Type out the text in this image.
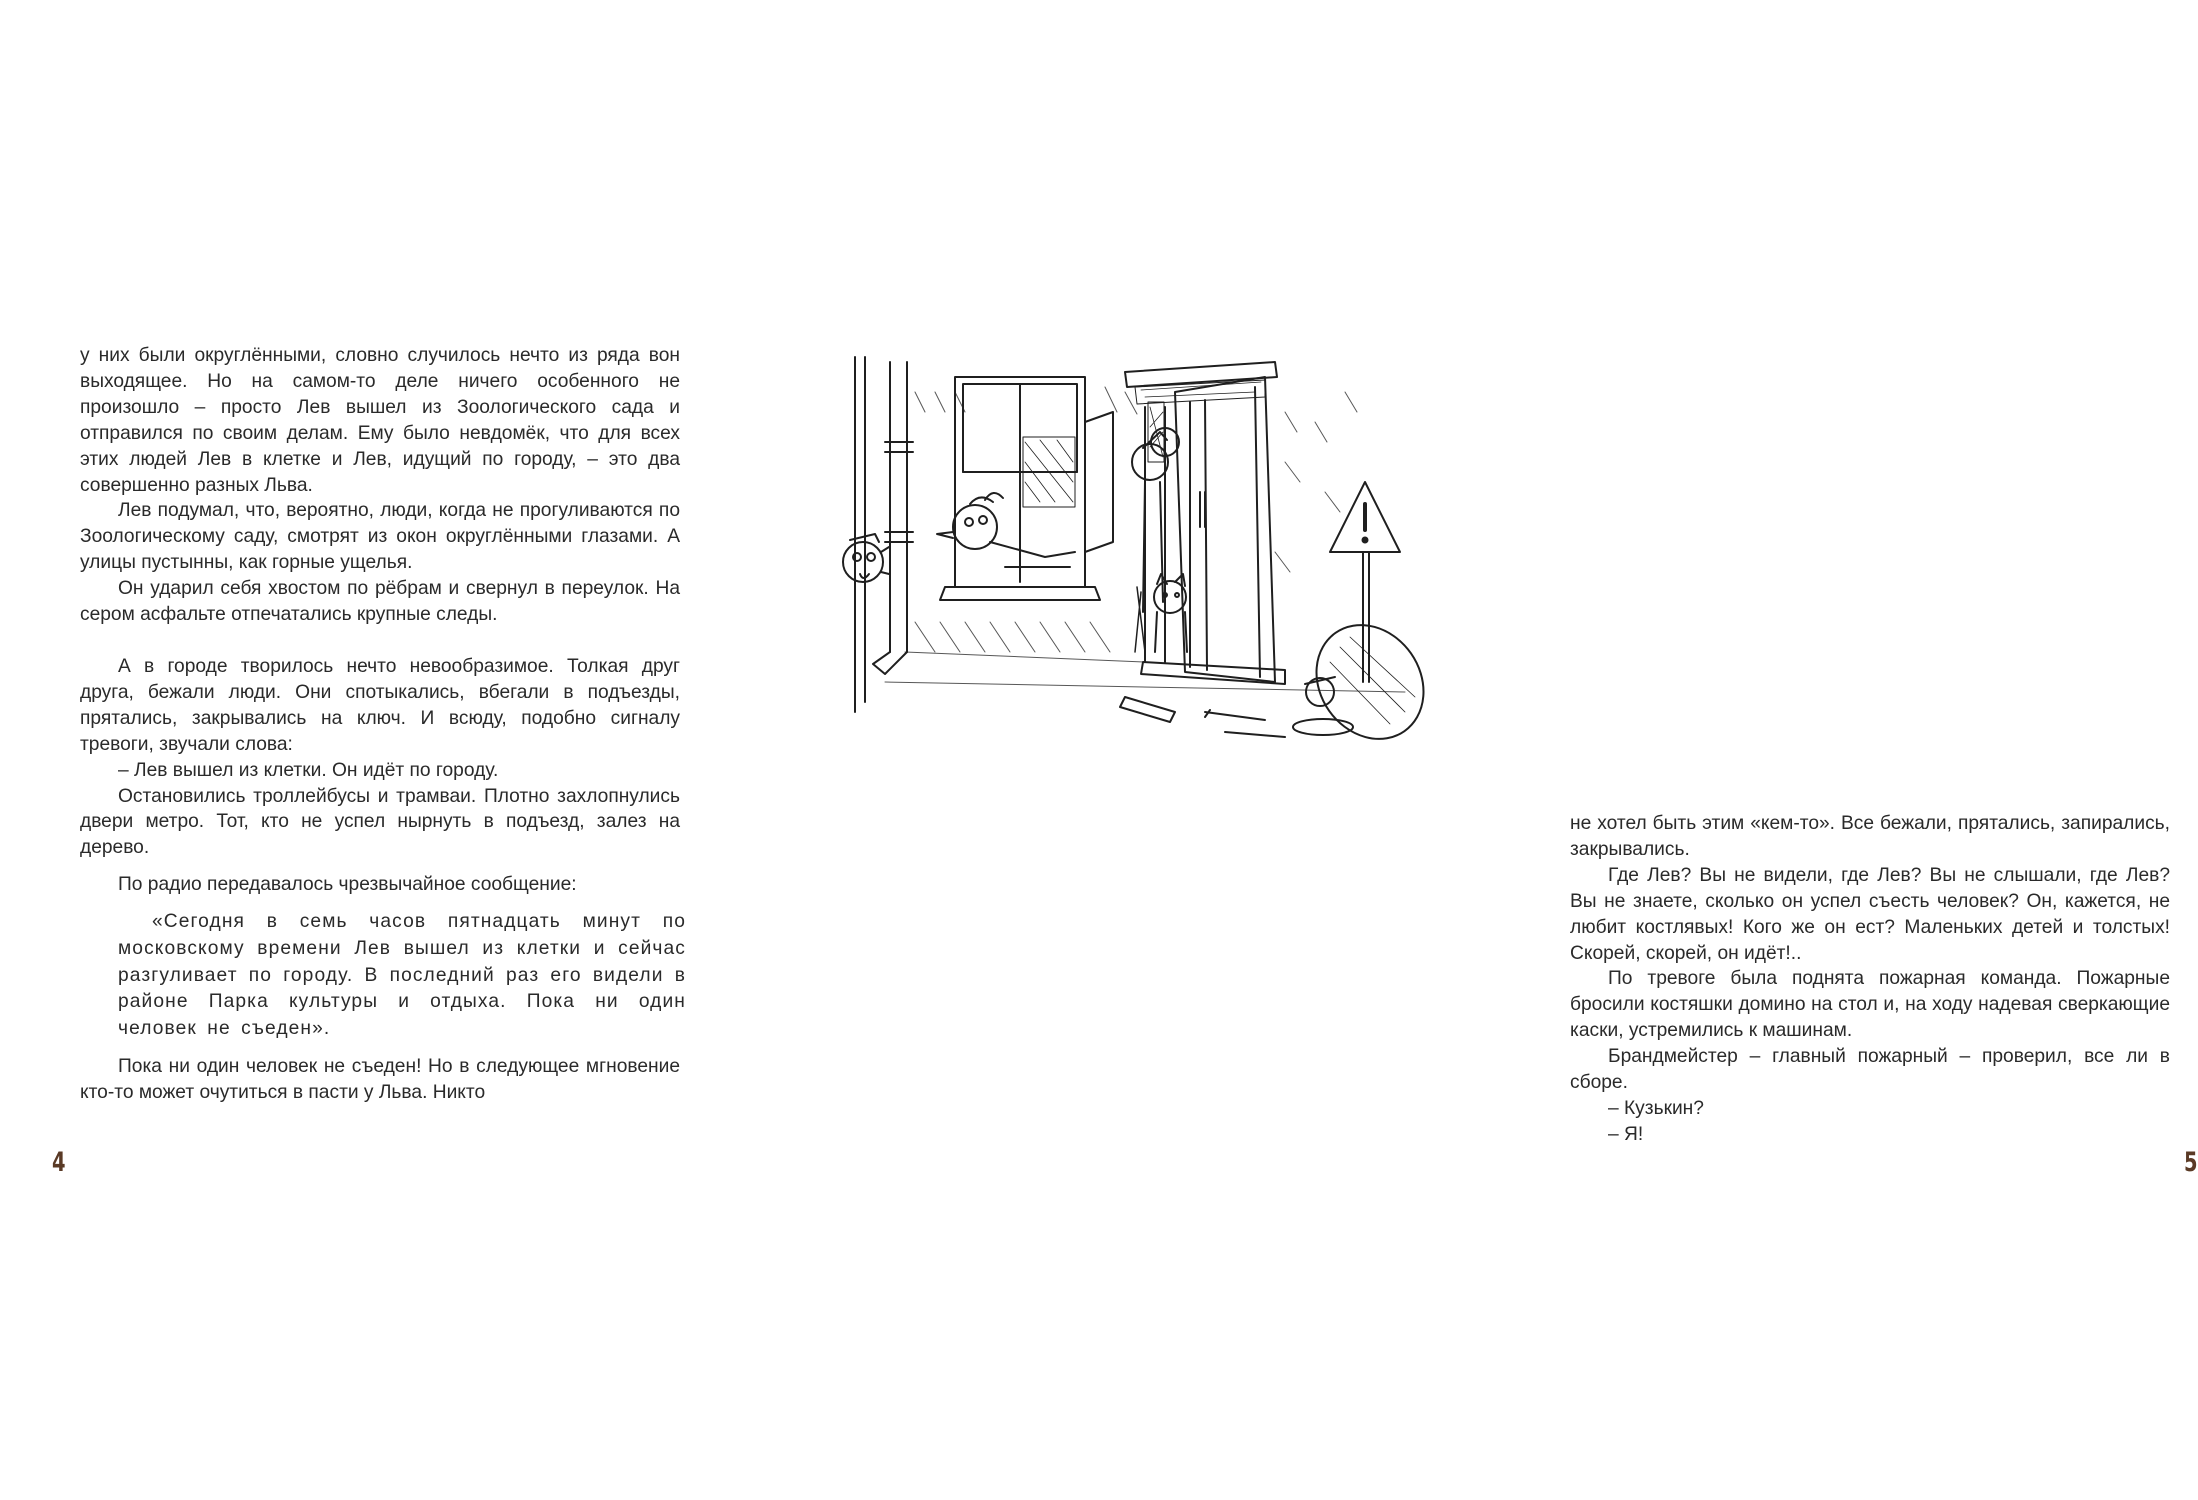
у них были округлёнными, словно случилось нечто из ряда вон выходящее. Но на самом-то деле ничего особенного не произошло – просто Лев вышел из Зоологического сада и отправился по своим делам. Ему было невдомёк, что для всех этих людей Лев в клетке и Лев, идущий по городу, – это два совершенно разных Льва.

Лев подумал, что, вероятно, люди, когда не прогуливаются по Зоологическому саду, смотрят из окон округлёнными глазами. А улицы пустынны, как горные ущелья.

Он ударил себя хвостом по рёбрам и свернул в переулок. На сером асфальте отпечатались крупные следы.

А в городе творилось нечто невообразимое. Толкая друг друга, бежали люди. Они спотыкались, вбегали в подъезды, прятались, закрывались на ключ. И всюду, подобно сигналу тревоги, звучали слова:

– Лев вышел из клетки. Он идёт по городу.

Остановились троллейбусы и трамваи. Плотно захлопнулись двери метро. Тот, кто не успел нырнуть в подъезд, залез на дерево.

По радио передавалось чрезвычайное сообщение:

«Сегодня в семь часов пятнадцать минут по московскому времени Лев вышел из клетки и сейчас разгуливает по городу. В последний раз его видели в районе Парка культуры и отдыха. Пока ни один человек не съеден».

Пока ни один человек не съеден! Но в следующее мгновение кто-то может очутиться в пасти у Льва. Никто

4

не хотел быть этим «кем-то». Все бежали, прятались, запирались, закрывались.

Где Лев? Вы не видели, где Лев? Вы не слышали, где Лев? Вы не знаете, сколько он успел съесть человек? Он, кажется, не любит костлявых! Кого же он ест? Маленьких детей и толстых! Скорей, скорей, он идёт!..

По тревоге была поднята пожарная команда. Пожарные бросили костяшки домино на стол и, на ходу надевая сверкающие каски, устремились к машинам.

Брандмейстер – главный пожарный – проверил, все ли в сборе.

– Кузькин?

– Я!

5
